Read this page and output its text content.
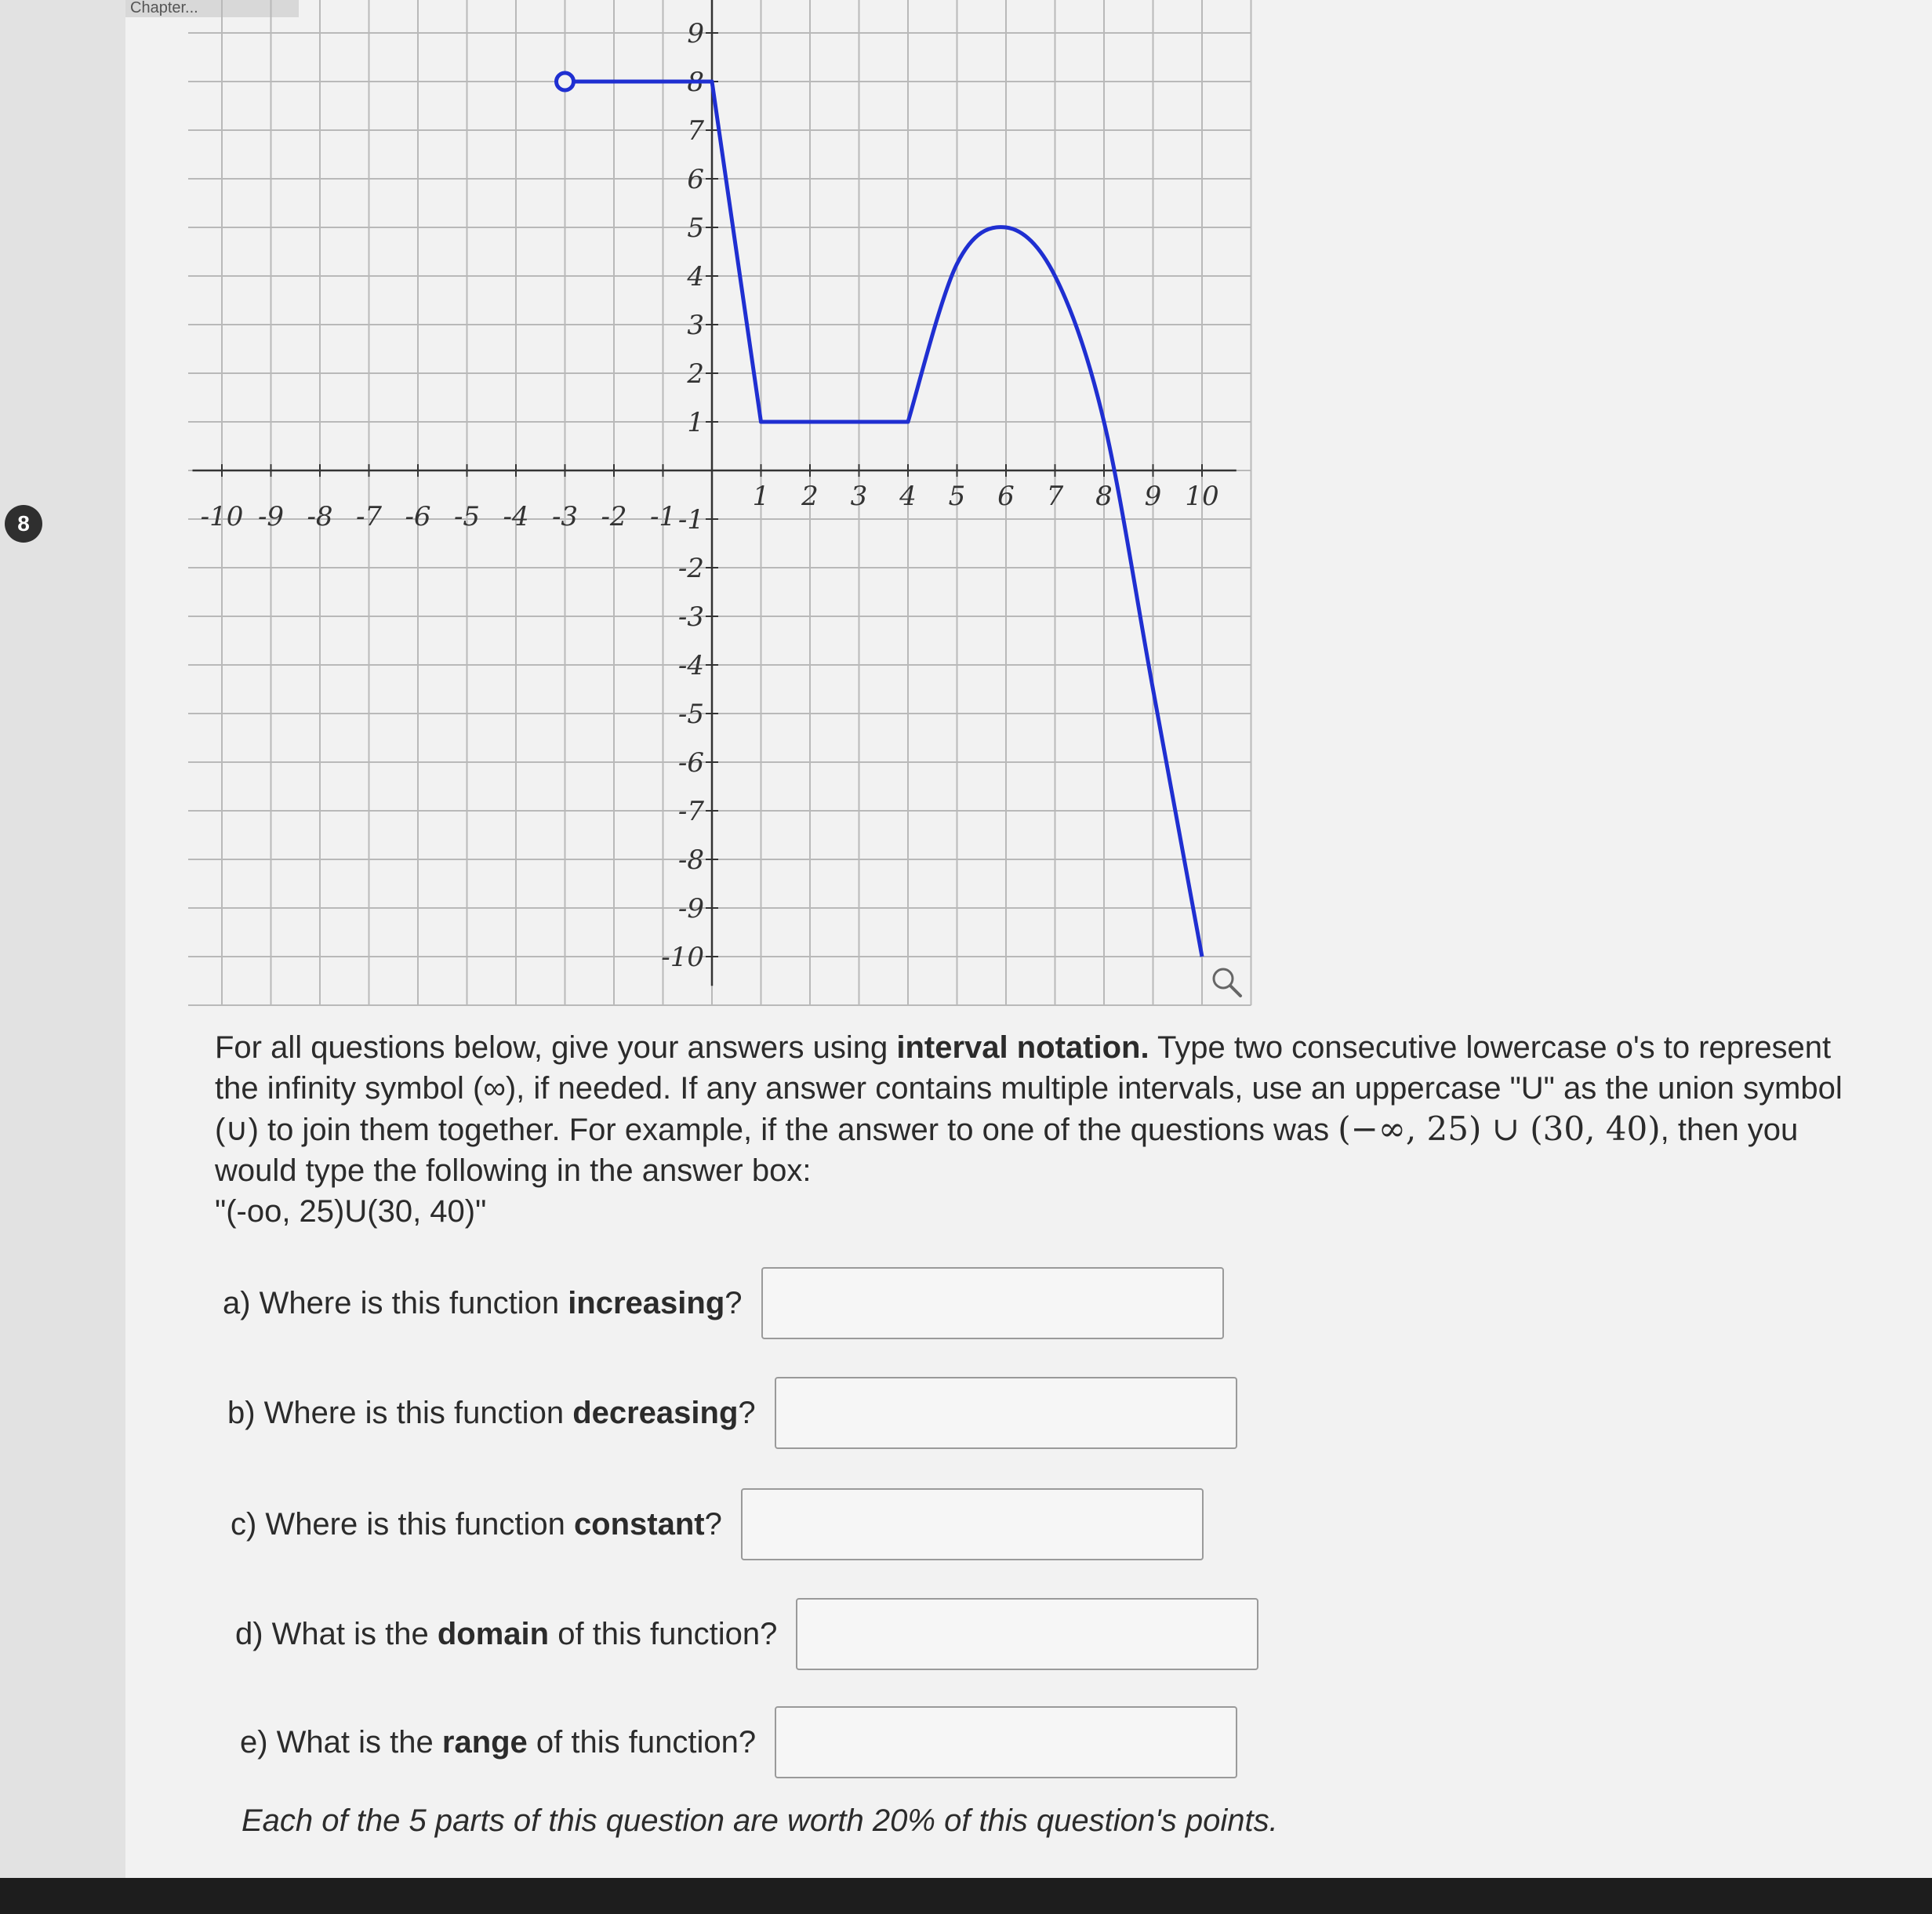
Chapter...
8	-10 -9 -8 -7 -6 -5 -4 -3 -2 -1
1 2 3 4 5 6 7 8 9 10
9
8
7
6
5
4
3
2
1
-1
-2
-3
-4
-5
-6
-7
-8
-9
-10
For all questions below, give your answers using interval notation. Type two consecutive lowercase o's to represent the infinity symbol (∞), if needed. If any answer contains multiple intervals, use an uppercase "U" as the union symbol (∪) to join them together. For example, if the answer to one of the questions was (−∞, 25) ∪ (30, 40), then you would type the following in the answer box:
"(-oo, 25)U(30, 40)"
a) Where is this function increasing?
b) Where is this function decreasing?
c) Where is this function constant?
d) What is the domain of this function?
e) What is the range of this function?
Each of the 5 parts of this question are worth 20% of this question's points.
